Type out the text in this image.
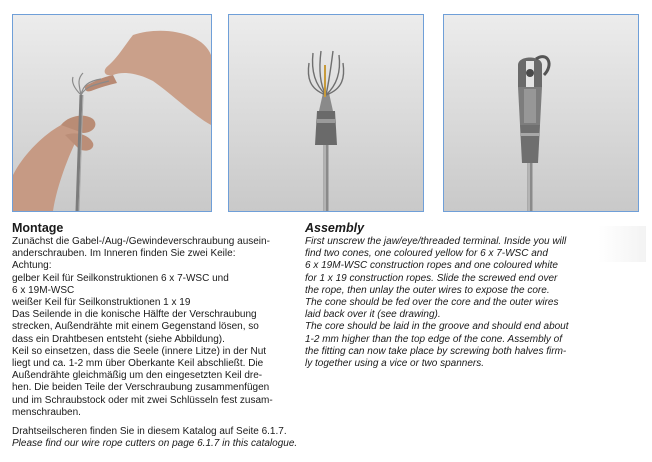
Montage

Zunächst die Gabel-/Aug-/Gewindeverschraubung ausein-
anderschrauben. Im Inneren finden Sie zwei Keile:
Achtung:
gelber Keil für Seilkonstruktionen 6 x 7-WSC und
6 x 19M-WSC
weißer Keil für Seilkonstruktionen 1 x 19
Das Seilende in die konische Hälfte der Verschraubung
strecken, Außendrähte mit einem Gegenstand lösen, so
dass ein Drahtbesen entsteht (siehe Abbildung).
Keil so einsetzen, dass die Seele (innere Litze) in der Nut
liegt und ca. 1-2 mm über Oberkante Keil abschließt. Die
Außendrähte gleichmäßig um den eingesetzten Keil dre-
hen. Die beiden Teile der Verschraubung zusammenfügen
und im Schraubstock oder mit zwei Schlüsseln fest zusam-
menschrauben.

Assembly

First unscrew the jaw/eye/threaded terminal. Inside you will
find two cones, one coloured yellow for 6 x 7-WSC and
6 x 19M-WSC construction ropes and one coloured white
for 1 x 19 construction ropes. Slide the screwed end over
the rope, then unlay the outer wires to expose the core.
The cone should be fed over the core and the outer wires
laid back over it (see drawing).
The core should be laid in the groove and should end about
1-2 mm higher than the top edge of the cone. Assembly of
the fitting can now take place by screwing both halves firm-
ly together using a vice or two spanners.

Drahtseilscheren finden Sie in diesem Katalog auf Seite 6.1.7.
Please find our wire rope cutters on page 6.1.7 in this catalogue.
